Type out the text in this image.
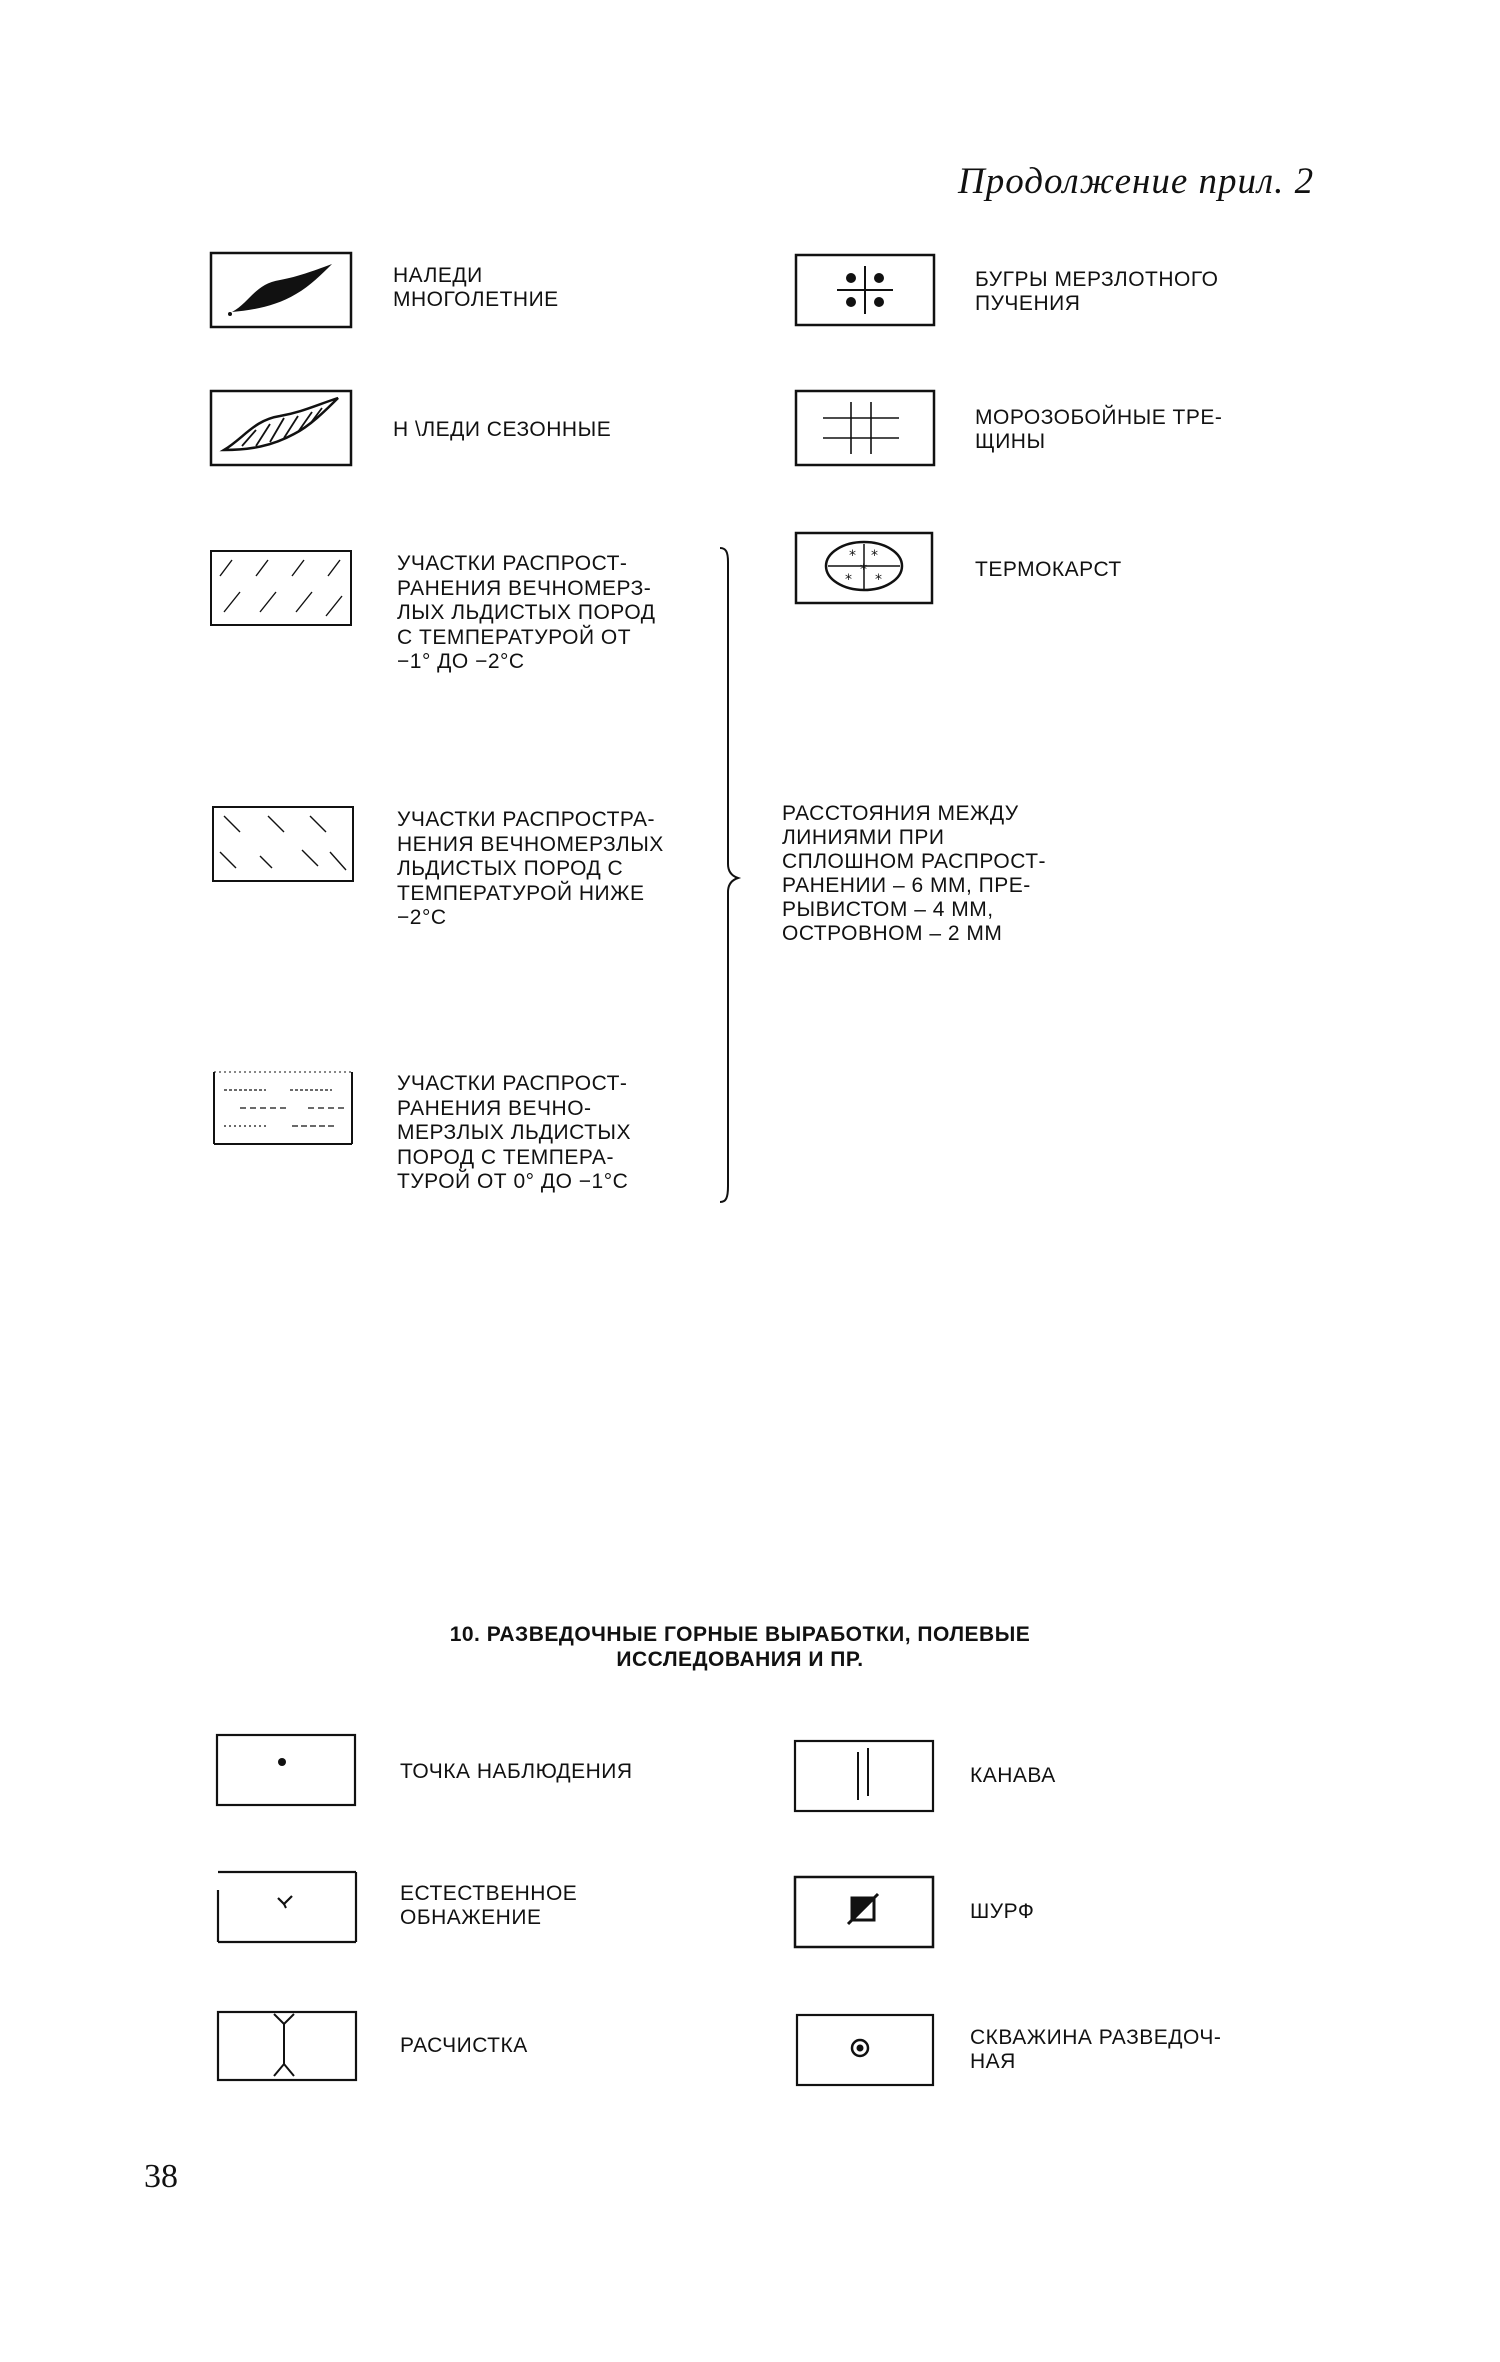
Продолжение прил. 2
НАЛЕДИ
МНОГОЛЕТНИЕ
БУГРЫ МЕРЗЛОТНОГО
ПУЧЕНИЯ
Н \ЛЕДИ СЕЗОННЫЕ
МОРОЗОБОЙНЫЕ ТРЕ-
ЩИНЫ
* *
*
* *	ТЕРМОКАРСТ
УЧАСТКИ РАСПРОСТ-
РАНЕНИЯ ВЕЧНОМЕРЗ-
ЛЫХ ЛЬДИСТЫХ ПОРОД
С ТЕМПЕРАТУРОЙ ОТ
−1° ДО −2°С
УЧАСТКИ РАСПРОСТРА-
НЕНИЯ ВЕЧНОМЕРЗЛЫХ
ЛЬДИСТЫХ ПОРОД С
ТЕМПЕРАТУРОЙ НИЖЕ
−2°С
УЧАСТКИ РАСПРОСТ-
РАНЕНИЯ ВЕЧНО-
МЕРЗЛЫХ ЛЬДИСТЫХ
ПОРОД С ТЕМПЕРА-
ТУРОЙ ОТ 0° ДО −1°С
РАССТОЯНИЯ МЕЖДУ
ЛИНИЯМИ ПРИ
СПЛОШНОМ РАСПРОСТ-
РАНЕНИИ – 6 ММ, ПРЕ-
РЫВИСТОМ – 4 ММ,
ОСТРОВНОМ – 2 ММ
10. РАЗВЕДОЧНЫЕ ГОРНЫЕ ВЫРАБОТКИ, ПОЛЕВЫЕ
ИССЛЕДОВАНИЯ И ПР.
ТОЧКА НАБЛЮДЕНИЯ	КАНАВА
ЕСТЕСТВЕННОЕ
ОБНАЖЕНИЕ	ШУРФ
РАСЧИСТКА	СКВАЖИНА РАЗВЕДОЧ-
НАЯ
38
